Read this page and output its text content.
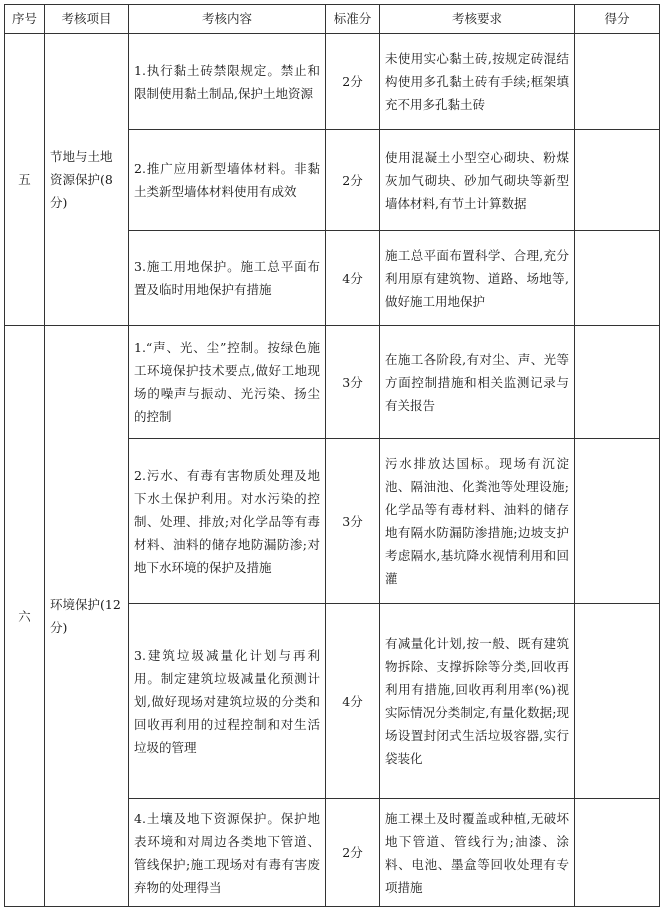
序号	考核项目	考核内容	标准分	考核要求	得分
五	节地与土地资源保护(8分)	1.执行黏土砖禁限规定。禁止和限制使用黏土制品,保护土地资源	2分	未使用实心黏土砖,按规定砖混结构使用多孔黏土砖有手续;框架填充不用多孔黏土砖	

		2.推广应用新型墙体材料。非黏土类新型墙体材料使用有成效	2分	使用混凝土小型空心砌块、粉煤灰加气砌块、砂加气砌块等新型墙体材料,有节土计算数据	

		3.施工用地保护。施工总平面布置及临时用地保护有措施	4分	施工总平面布置科学、合理,充分利用原有建筑物、道路、场地等,做好施工用地保护	

六	环境保护(12分)	1.“声、光、尘”控制。按绿色施工环境保护技术要点,做好工地现场的噪声与振动、光污染、扬尘的控制	3分	在施工各阶段,有对尘、声、光等方面控制措施和相关监测记录与有关报告	

		2.污水、有毒有害物质处理及地下水土保护利用。对水污染的控制、处理、排放;对化学品等有毒材料、油料的储存地防漏防渗;对地下水环境的保护及措施	3分	污水排放达国标。现场有沉淀池、隔油池、化粪池等处理设施;化学品等有毒材料、油料的储存地有隔水防漏防渗措施;边坡支护考虑隔水,基坑降水视情利用和回灌	

		3.建筑垃圾减量化计划与再利用。制定建筑垃圾减量化预测计划,做好现场对建筑垃圾的分类和回收再利用的过程控制和对生活垃圾的管理	4分	有减量化计划,按一般、既有建筑物拆除、支撑拆除等分类,回收再利用有措施,回收再利用率(%)视实际情况分类制定,有量化数据;现场设置封闭式生活垃圾容器,实行袋装化	

		4.土壤及地下资源保护。保护地表环境和对周边各类地下管道、管线保护;施工现场对有毒有害废弃物的处理得当	2分	施工裸土及时覆盖或种植,无破坏地下管道、管线行为;油漆、涂料、电池、墨盒等回收处理有专项措施	
